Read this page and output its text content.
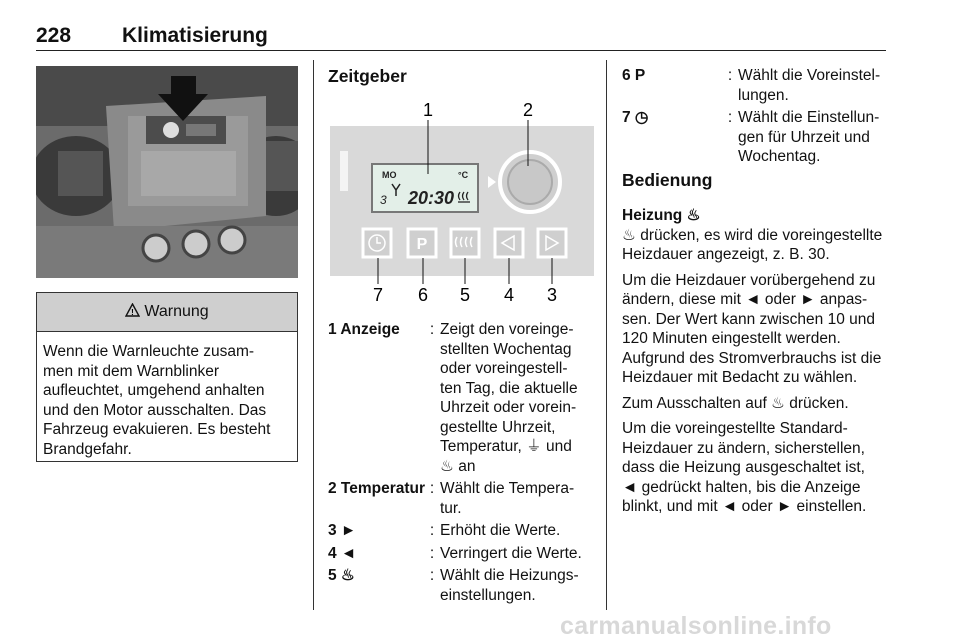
228 Klimatisierung
! Warnung
Wenn die Warnleuchte zusam-
men mit dem Warnblinker
aufleuchtet, umgehend anhalten
und den Motor ausschalten. Das
Fahrzeug evakuieren. Es besteht
Brandgefahr.
Zeitgeber
1	2
7 6 5 4 3
MO	°C
3 20:30
P
1 Anzeige	: Zeigt den voreinge-
stellten Wochentag
oder voreingestell-
ten Tag, die aktuelle
Uhrzeit oder vorein-
gestellte Uhrzeit,
Temperatur, ⏚ und
♨ an
2 Temperatur : Wählt die Tempera-
tur.
3 ►	: Erhöht die Werte.
4 ◄	: Verringert die Werte.
5 ♨	: Wählt die Heizungs-
einstellungen.
6 P	: Wählt die Voreinstel-
lungen.
7 ◷	: Wählt die Einstellun-
gen für Uhrzeit und
Wochentag.
Bedienung
Heizung ♨
♨ drücken, es wird die voreingestellte
Heizdauer angezeigt, z. B. 30.
Um die Heizdauer vorübergehend zu
ändern, diese mit ◄ oder ► anpas-
sen. Der Wert kann zwischen 10 und
120 Minuten eingestellt werden.
Aufgrund des Stromverbrauchs ist die
Heizdauer mit Bedacht zu wählen.
Zum Ausschalten auf ♨ drücken.
Um die voreingestellte Standard-
Heizdauer zu ändern, sicherstellen,
dass die Heizung ausgeschaltet ist,
◄ gedrückt halten, bis die Anzeige
blinkt, und mit ◄ oder ► einstellen.
carmanualsonline.info
